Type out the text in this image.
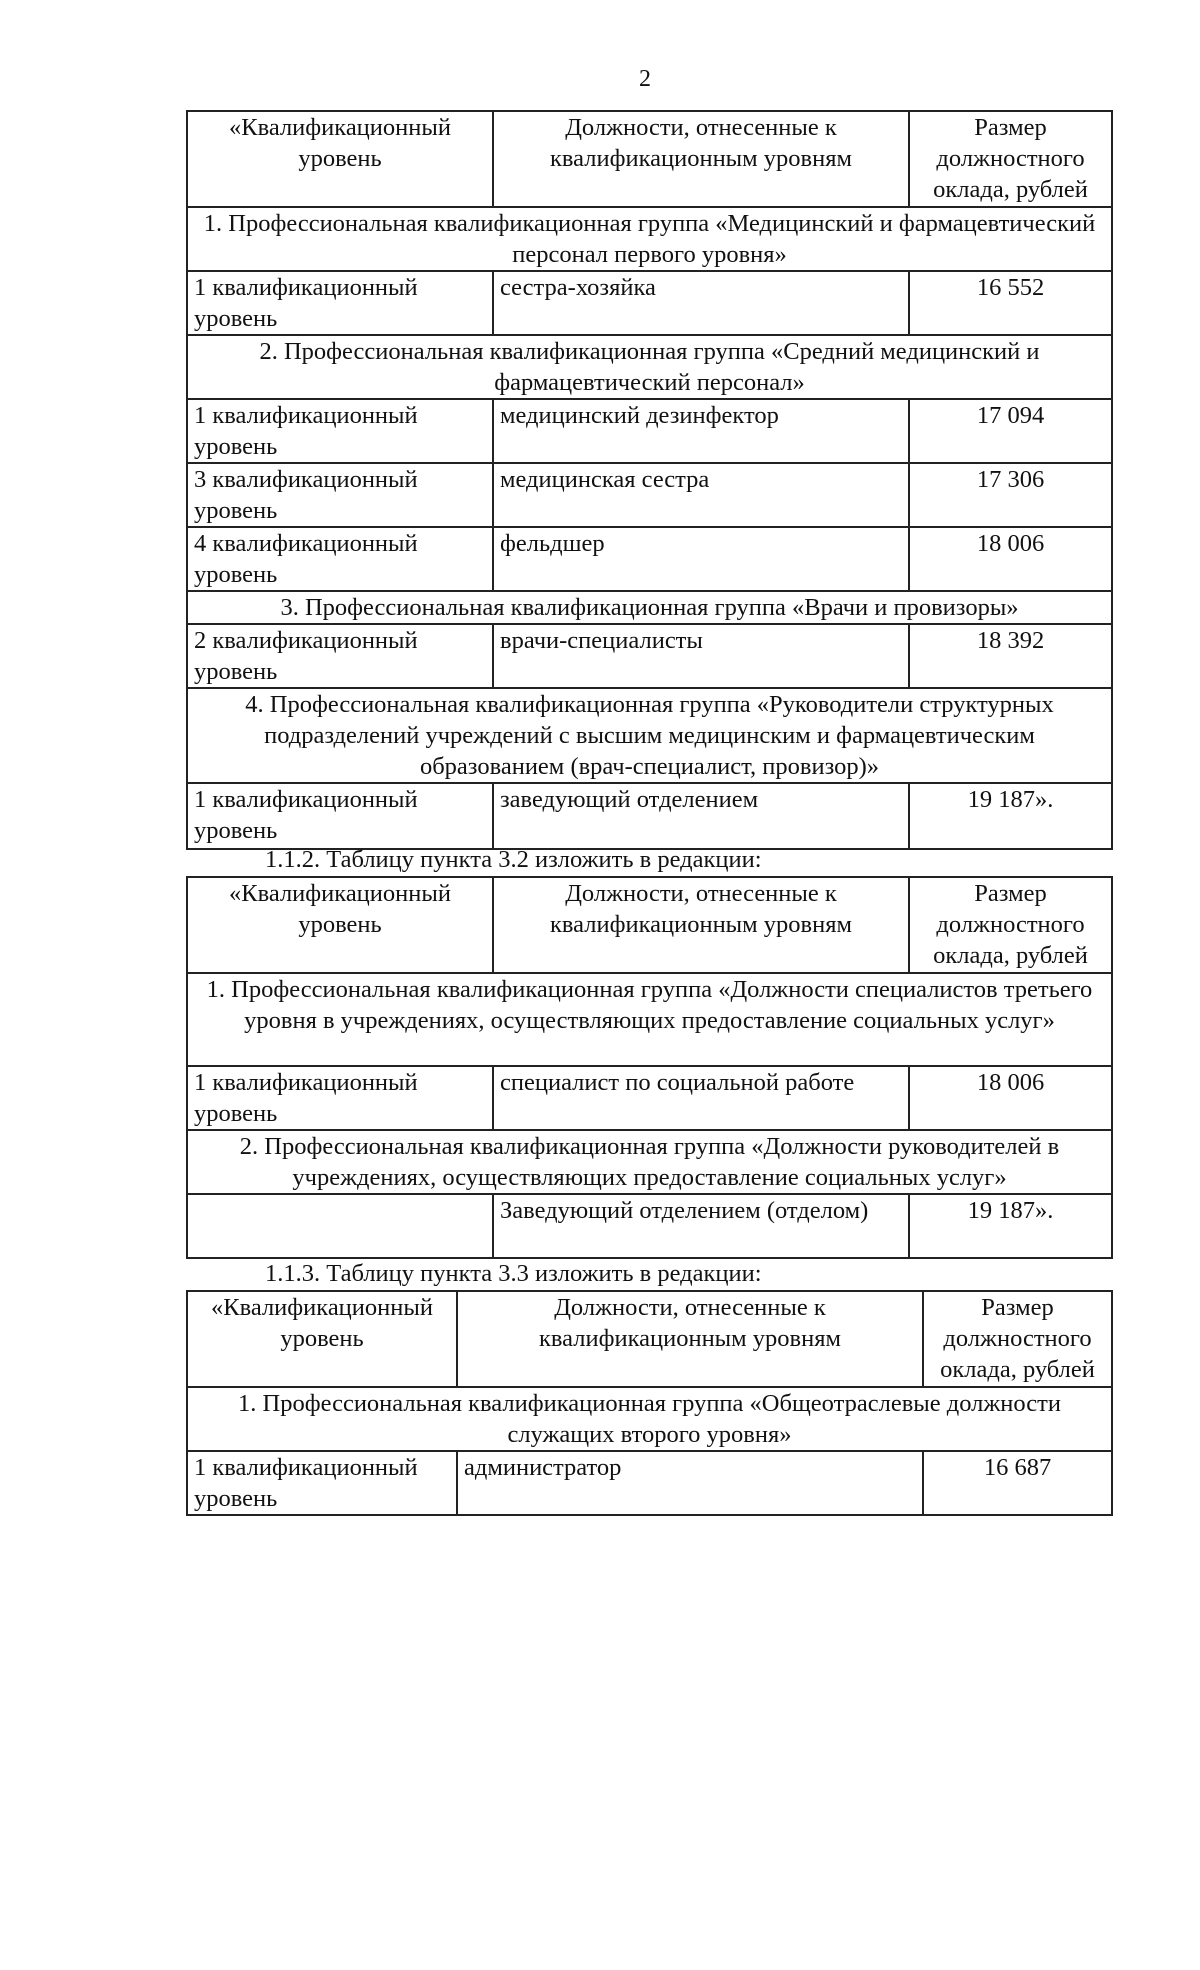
2
«Квалификационный уровень	Должности, отнесенные к квалификационным уровням	Размер должностного оклада, рублей
1. Профессиональная квалификационная группа «Медицинский и фармацевтический персонал первого уровня»		
1 квалификационный уровень	сестра-хозяйка	16 552
2. Профессиональная квалификационная группа «Средний медицинский и фармацевтический персонал»		
1 квалификационный уровень	медицинский дезинфектор	17 094
3 квалификационный уровень	медицинская сестра	17 306
4 квалификационный уровень	фельдшер	18 006
3. Профессиональная квалификационная группа «Врачи и провизоры»		
2 квалификационный уровень	врачи-специалисты	18 392
4. Профессиональная квалификационная группа «Руководители структурных подразделений учреждений с высшим медицинским и фармацевтическим образованием (врач-специалист, провизор)»		
1 квалификационный уровень	заведующий отделением	19 187».
1.1.2. Таблицу пункта 3.2 изложить в редакции:
«Квалификационный уровень	Должности, отнесенные к квалификационным уровням	Размер должностного оклада, рублей
1. Профессиональная квалификационная группа «Должности специалистов третьего уровня в учреждениях, осуществляющих предоставление социальных услуг»		
1 квалификационный уровень	специалист по социальной работе	18 006
2. Профессиональная квалификационная группа «Должности руководителей в учреждениях, осуществляющих предоставление социальных услуг»		
	Заведующий отделением (отделом)	19 187».
1.1.3. Таблицу пункта 3.3 изложить в редакции:
«Квалификационный уровень	Должности, отнесенные к квалификационным уровням	Размер должностного оклада, рублей
1. Профессиональная квалификационная группа «Общеотраслевые должности служащих второго уровня»		
1 квалификационный уровень	администратор	16 687
